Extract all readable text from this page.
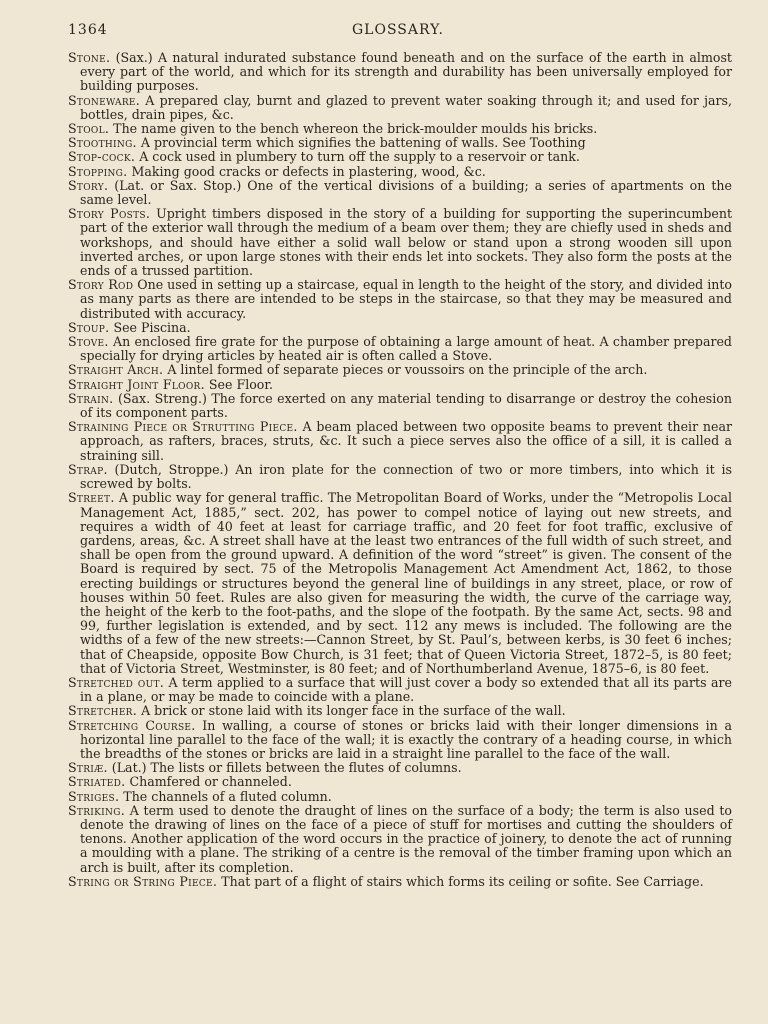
1364	GLOSSARY.

Stone. (Sax.) A natural indurated substance found beneath and on the surface of the earth in almost every part of the world, and which for its strength and durability has been universally employed for building purposes.

Stoneware. A prepared clay, burnt and glazed to prevent water soaking through it; and used for jars, bottles, drain pipes, &c.

Stool. The name given to the bench whereon the brick-moulder moulds his bricks.

Stoothing. A provincial term which signifies the battening of walls. See Toothing

Stop-cock. A cock used in plumbery to turn off the supply to a reservoir or tank.

Stopping. Making good cracks or defects in plastering, wood, &c.

Story. (Lat. or Sax. Stop.) One of the vertical divisions of a building; a series of apartments on the same level.

Story Posts. Upright timbers disposed in the story of a building for supporting the superincumbent part of the exterior wall through the medium of a beam over them; they are chiefly used in sheds and workshops, and should have either a solid wall below or stand upon a strong wooden sill upon inverted arches, or upon large stones with their ends let into sockets. They also form the posts at the ends of a trussed partition.

Story Rod One used in setting up a staircase, equal in length to the height of the story, and divided into as many parts as there are intended to be steps in the staircase, so that they may be measured and distributed with accuracy.

Stoup. See Piscina.

Stove. An enclosed fire grate for the purpose of obtaining a large amount of heat. A chamber prepared specially for drying articles by heated air is often called a Stove.

Straight Arch. A lintel formed of separate pieces or voussoirs on the principle of the arch.

Straight Joint Floor. See Floor.

Strain. (Sax. Streng.) The force exerted on any material tending to disarrange or destroy the cohesion of its component parts.

Straining Piece or Strutting Piece. A beam placed between two opposite beams to prevent their near approach, as rafters, braces, struts, &c. It such a piece serves also the office of a sill, it is called a straining sill.

Strap. (Dutch, Stroppe.) An iron plate for the connection of two or more timbers, into which it is screwed by bolts.

Street. A public way for general traffic. The Metropolitan Board of Works, under the “Metropolis Local Management Act, 1885,” sect. 202, has power to compel notice of laying out new streets, and requires a width of 40 feet at least for carriage traffic, and 20 feet for foot traffic, exclusive of gardens, areas, &c. A street shall have at the least two entrances of the full width of such street, and shall be open from the ground upward. A definition of the word “street” is given. The consent of the Board is required by sect. 75 of the Metropolis Management Act Amendment Act, 1862, to those erecting buildings or structures beyond the general line of buildings in any street, place, or row of houses within 50 feet. Rules are also given for measuring the width, the curve of the carriage way, the height of the kerb to the foot-paths, and the slope of the footpath. By the same Act, sects. 98 and 99, further legislation is extended, and by sect. 112 any mews is included. The following are the widths of a few of the new streets:—Cannon Street, by St. Paul’s, between kerbs, is 30 feet 6 inches; that of Cheapside, opposite Bow Church, is 31 feet; that of Queen Victoria Street, 1872–5, is 80 feet; that of Victoria Street, Westminster, is 80 feet; and of Northumberland Avenue, 1875–6, is 80 feet.

Stretched out. A term applied to a surface that will just cover a body so extended that all its parts are in a plane, or may be made to coincide with a plane.

Stretcher. A brick or stone laid with its longer face in the surface of the wall.

Stretching Course. In walling, a course of stones or bricks laid with their longer dimensions in a horizontal line parallel to the face of the wall; it is exactly the contrary of a heading course, in which the breadths of the stones or bricks are laid in a straight line parallel to the face of the wall.

Striæ. (Lat.) The lists or fillets between the flutes of columns.

Striated. Chamfered or channeled.

Striges. The channels of a fluted column.

Striking. A term used to denote the draught of lines on the surface of a body; the term is also used to denote the drawing of lines on the face of a piece of stuff for mortises and cutting the shoulders of tenons. Another application of the word occurs in the practice of joinery, to denote the act of running a moulding with a plane. The striking of a centre is the removal of the timber framing upon which an arch is built, after its completion.

String or String Piece. That part of a flight of stairs which forms its ceiling or sofite. See Carriage.
